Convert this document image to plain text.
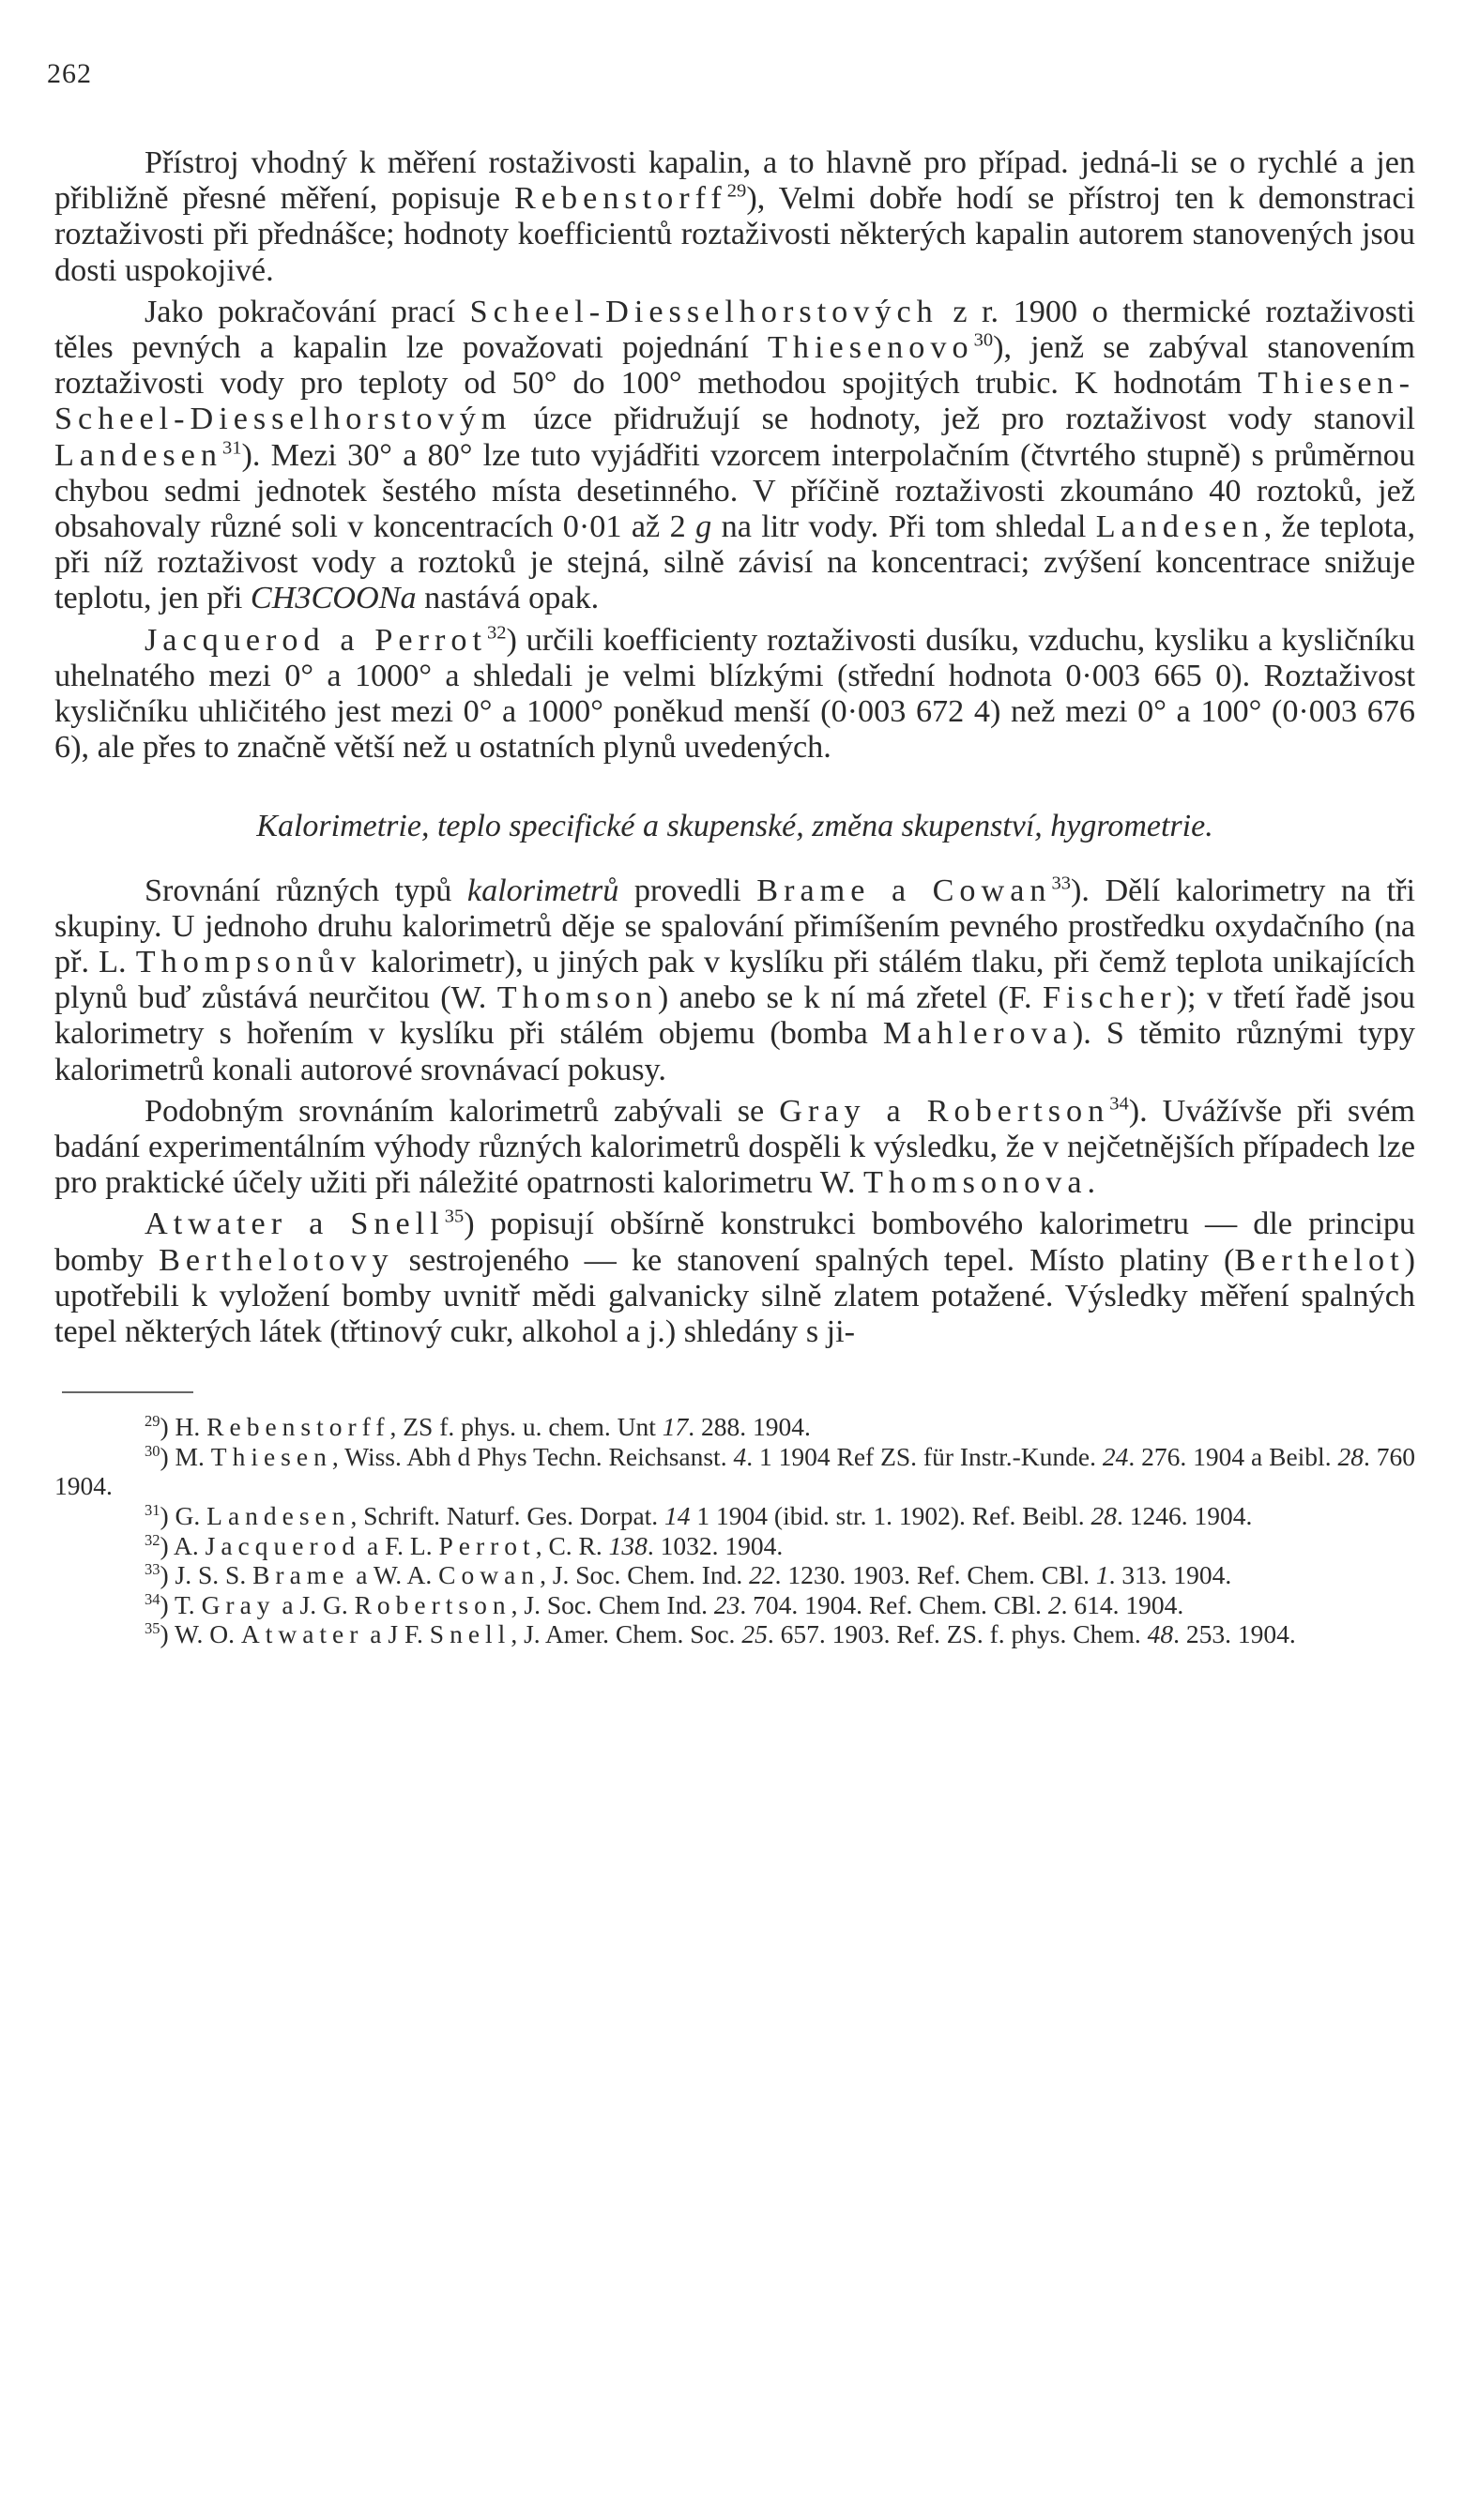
262

Přístroj vhodný k měření rostaživosti kapalin, a to hlavně pro případ. jedná-li se o rychlé a jen přibližně přesné měření, popisuje Rebenstorff$^{29}$), Velmi dobře hodí se přístroj ten k demonstraci roztaživosti při přednášce; hodnoty koefficientů roztaživosti některých kapalin autorem stanovených jsou dosti uspokojivé.

Jako pokračování prací Scheel-Diesselhorstových z r. 1900 o thermické roztaživosti těles pevných a kapalin lze považovati pojednání Thiesenovo$^{30}$), jenž se zabýval stanovením roztaživosti vody pro teploty od 50° do 100° methodou spojitých trubic. K hodnotám Thiesen-Scheel-Diesselhorstovým úzce přidružují se hodnoty, jež pro roztaživost vody stanovil Landesen$^{31}$). Mezi 30° a 80° lze tuto vyjádřiti vzorcem interpolačním (čtvrtého stupně) s průměrnou chybou sedmi jednotek šestého místa desetinného. V příčině roztaživosti zkoumáno 40 roztoků, jež obsahovaly různé soli v koncentracích 0·01 až 2 g na litr vody. Při tom shledal Landesen, že teplota, při níž roztaživost vody a roztoků je stejná, silně závisí na koncentraci; zvýšení koncentrace snižuje teplotu, jen při CH3COONa nastává opak.

Jacquerod a Perrot$^{32}$) určili koefficienty roztaživosti dusíku, vzduchu, kysliku a kysličníku uhelnatého mezi 0° a 1000° a shledali je velmi blízkými (střední hodnota 0·003 665 0). Roztaživost kysličníku uhličitého jest mezi 0° a 1000° poněkud menší (0·003 672 4) než mezi 0° a 100° (0·003 676 6), ale přes to značně větší než u ostatních plynů uvedených.

Kalorimetrie, teplo specifické a skupenské, změna skupenství, hygrometrie.

Srovnání různých typů kalorimetrů provedli Brame a Cowan$^{33}$). Dělí kalorimetry na tři skupiny. U jednoho druhu kalorimetrů děje se spalování přimíšením pevného prostředku oxydačního (na př. L. Thompsonův kalorimetr), u jiných pak v kyslíku při stálém tlaku, při čemž teplota unikajících plynů buď zůstává neurčitou (W. Thomson) anebo se k ní má zřetel (F. Fischer); v třetí řadě jsou kalorimetry s hořením v kyslíku při stálém objemu (bomba Mahlerova). S těmito různými typy kalorimetrů konali autorové srovnávací pokusy.

Podobným srovnáním kalorimetrů zabývali se Gray a Robertson$^{34}$). Uvážívše při svém badání experimentálním výhody různých kalorimetrů dospěli k výsledku, že v nejčetnějších případech lze pro praktické účely užiti při náležité opatrnosti kalorimetru W. Thomsonova.

Atwater a Snell$^{35}$) popisují obšírně konstrukci bombového kalorimetru — dle principu bomby Berthelotovy sestrojeného — ke stanovení spalných tepel. Místo platiny (Berthelot) upotřebili k vyložení bomby uvnitř mědi galvanicky silně zlatem potažené. Výsledky měření spalných tepel některých látek (třtinový cukr, alkohol a j.) shledány s ji-

$^{29}$) H. Rebenstorff, ZS f. phys. u. chem. Unt 17. 288. 1904.

$^{30}$) M. Thiesen, Wiss. Abh d Phys Techn. Reichsanst. 4. 1 1904 Ref ZS. für Instr.-Kunde. 24. 276. 1904 a Beibl. 28. 760 1904.

$^{31}$) G. Landesen, Schrift. Naturf. Ges. Dorpat. 14 1 1904 (ibid. str. 1. 1902). Ref. Beibl. 28. 1246. 1904.

$^{32}$) A. Jacquerod a F. L. Perrot, C. R. 138. 1032. 1904.

$^{33}$) J. S. S. Brame a W. A. Cowan, J. Soc. Chem. Ind. 22. 1230. 1903. Ref. Chem. CBl. 1. 313. 1904.

$^{34}$) T. Gray a J. G. Robertson, J. Soc. Chem Ind. 23. 704. 1904. Ref. Chem. CBl. 2. 614. 1904.

$^{35}$) W. O. Atwater a J F. Snell, J. Amer. Chem. Soc. 25. 657. 1903. Ref. ZS. f. phys. Chem. 48. 253. 1904.
